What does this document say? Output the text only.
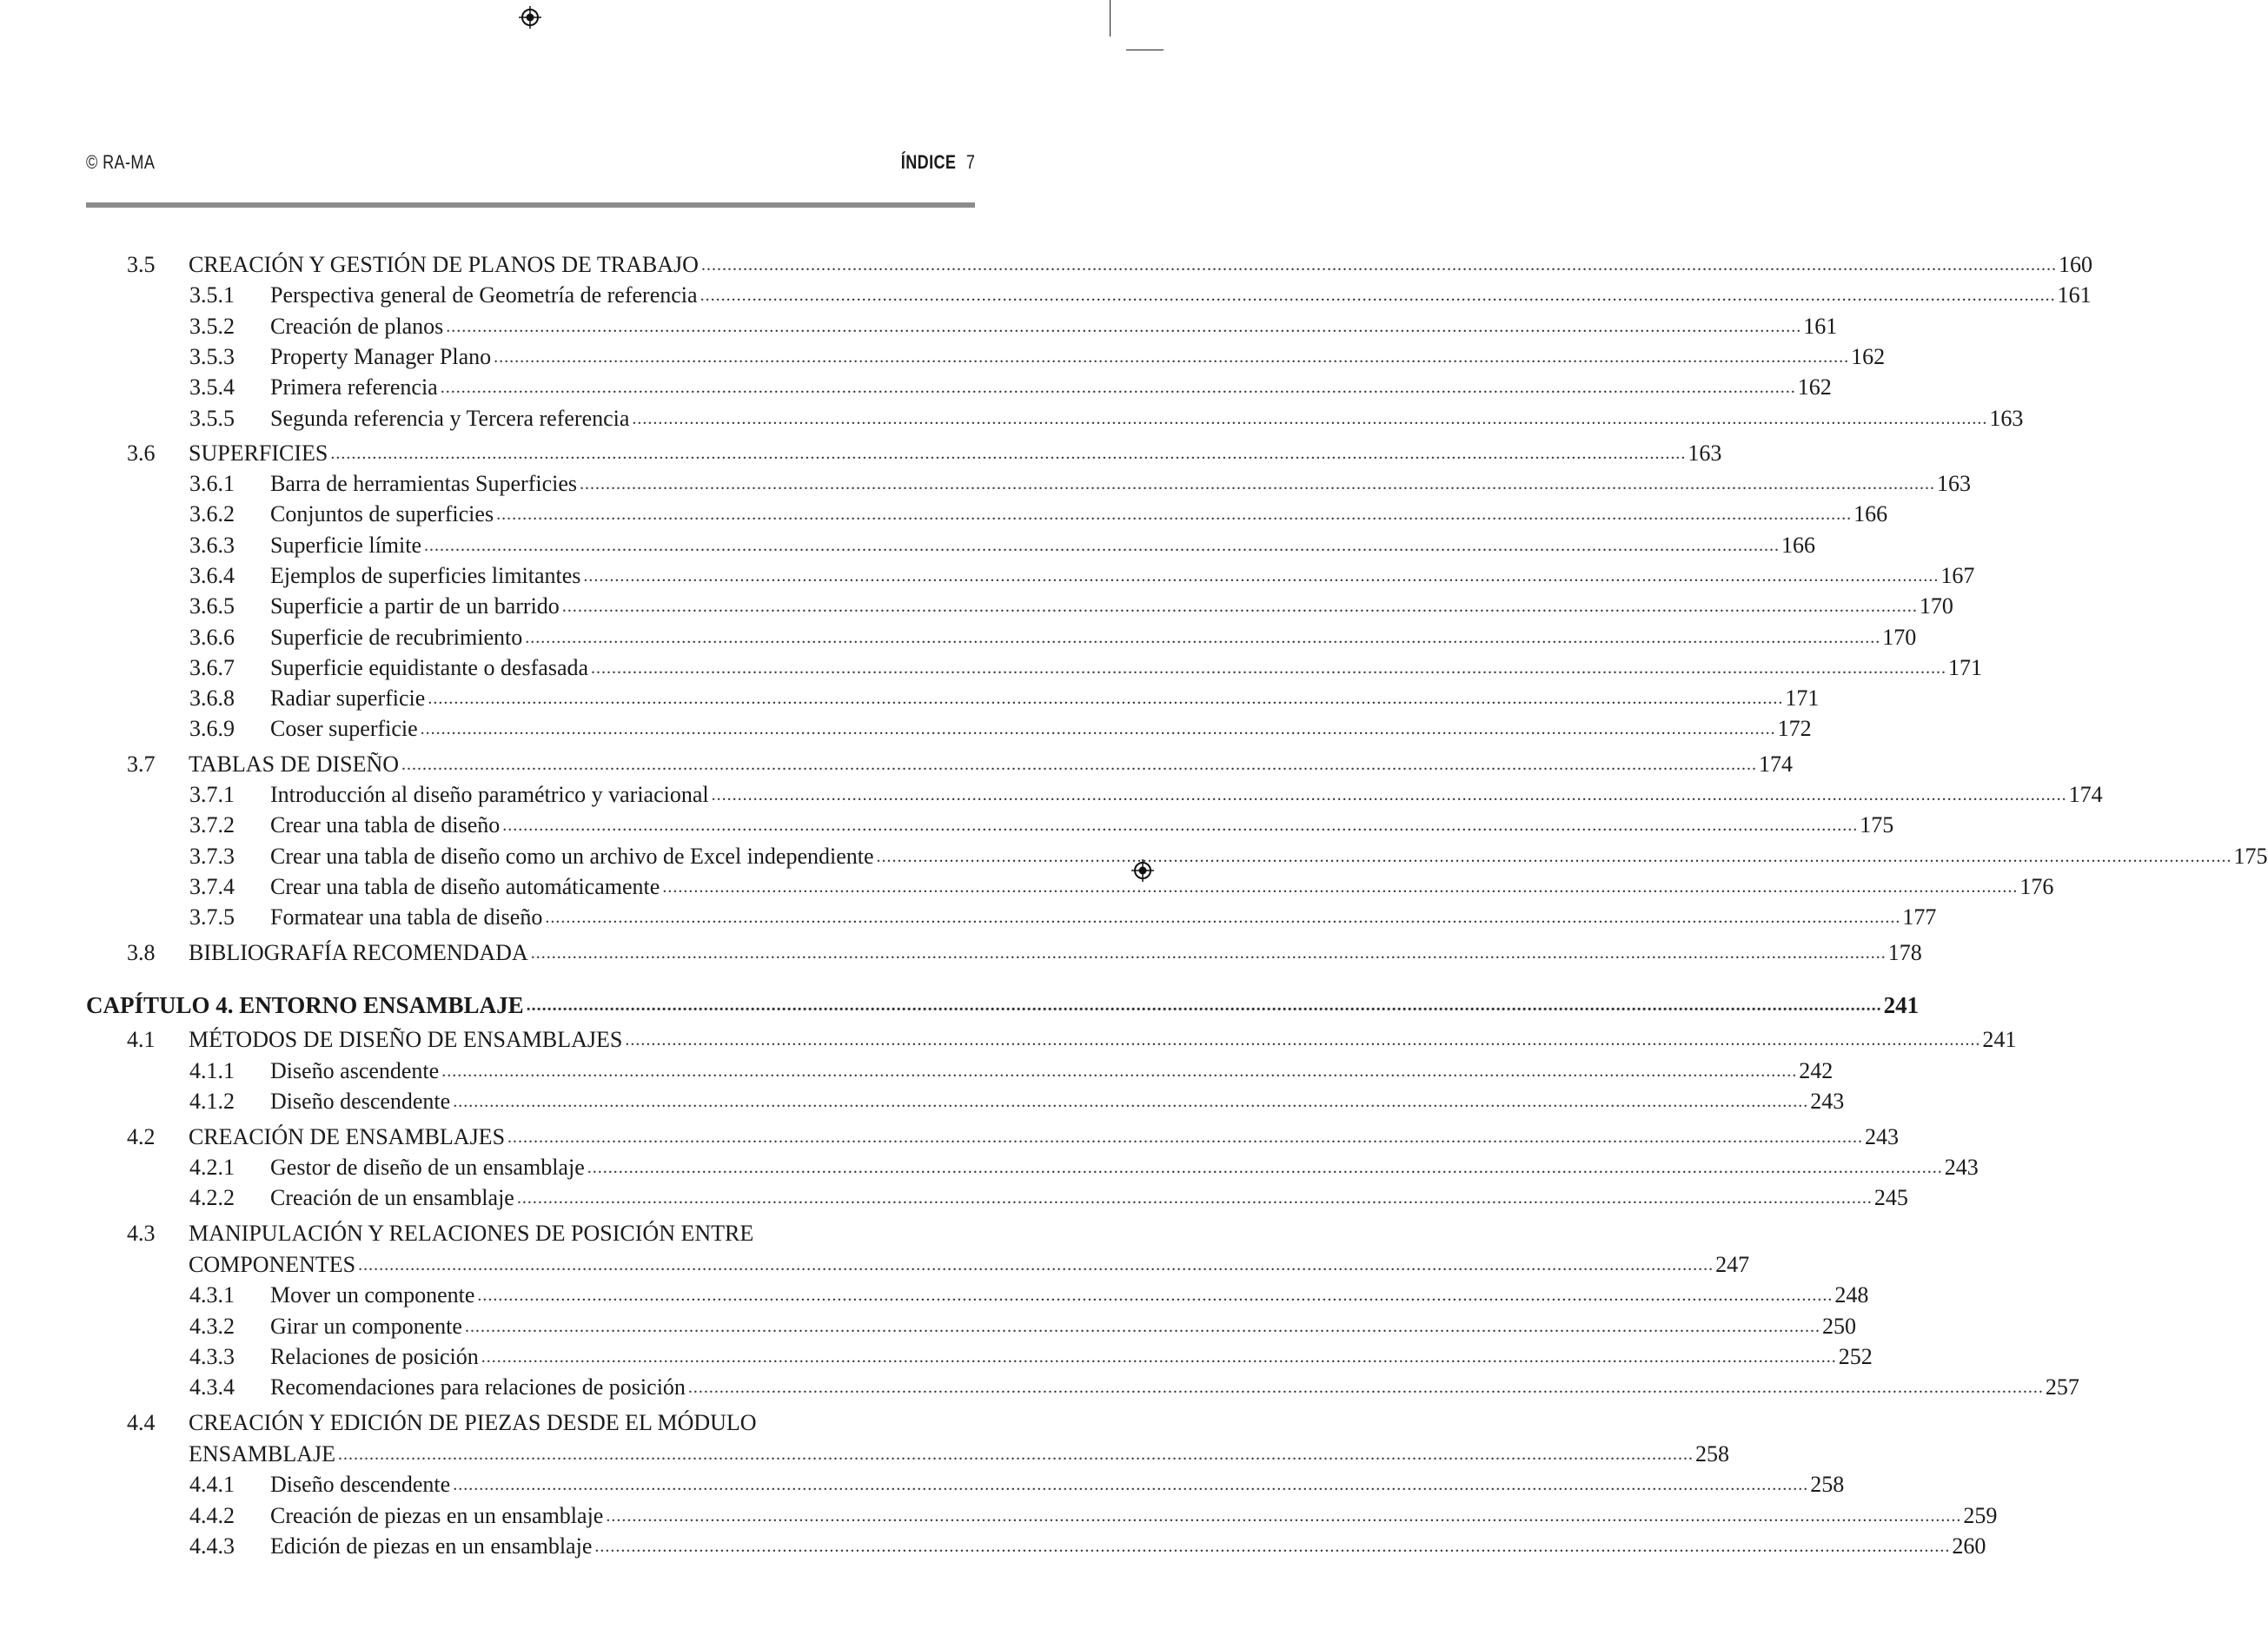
© RA-MA	ÍNDICE 7
3.5 CREACIÓN Y GESTIÓN DE PLANOS DE TRABAJO .................................................................................................................................................................................................................................................................... 160
3.5.1 Perspectiva general de Geometría de referencia .................................................................................................................................................................................................................................................................... 161
3.5.2 Creación de planos .................................................................................................................................................................................................................................................................... 161
3.5.3 Property Manager Plano .................................................................................................................................................................................................................................................................... 162
3.5.4 Primera referencia .................................................................................................................................................................................................................................................................... 162
3.5.5 Segunda referencia y Tercera referencia .................................................................................................................................................................................................................................................................... 163
3.6 SUPERFICIES .................................................................................................................................................................................................................................................................... 163
3.6.1 Barra de herramientas Superficies .................................................................................................................................................................................................................................................................... 163
3.6.2 Conjuntos de superficies .................................................................................................................................................................................................................................................................... 166
3.6.3 Superficie límite .................................................................................................................................................................................................................................................................... 166
3.6.4 Ejemplos de superficies limitantes .................................................................................................................................................................................................................................................................... 167
3.6.5 Superficie a partir de un barrido .................................................................................................................................................................................................................................................................... 170
3.6.6 Superficie de recubrimiento .................................................................................................................................................................................................................................................................... 170
3.6.7 Superficie equidistante o desfasada .................................................................................................................................................................................................................................................................... 171
3.6.8 Radiar superficie .................................................................................................................................................................................................................................................................... 171
3.6.9 Coser superficie .................................................................................................................................................................................................................................................................... 172
3.7 TABLAS DE DISEÑO .................................................................................................................................................................................................................................................................... 174
3.7.1 Introducción al diseño paramétrico y variacional .................................................................................................................................................................................................................................................................... 174
3.7.2 Crear una tabla de diseño .................................................................................................................................................................................................................................................................... 175
3.7.3 Crear una tabla de diseño como un archivo de Excel independiente .................................................................................................................................................................................................................................................................... 175
3.7.4 Crear una tabla de diseño automáticamente .................................................................................................................................................................................................................................................................... 176
3.7.5 Formatear una tabla de diseño .................................................................................................................................................................................................................................................................... 177
3.8 BIBLIOGRAFÍA RECOMENDADA .................................................................................................................................................................................................................................................................... 178
CAPÍTULO 4. ENTORNO ENSAMBLAJE .................................................................................................................................................................................................................................................................... 241
4.1 MÉTODOS DE DISEÑO DE ENSAMBLAJES .................................................................................................................................................................................................................................................................... 241
4.1.1 Diseño ascendente .................................................................................................................................................................................................................................................................... 242
4.1.2 Diseño descendente .................................................................................................................................................................................................................................................................... 243
4.2 CREACIÓN DE ENSAMBLAJES .................................................................................................................................................................................................................................................................... 243
4.2.1 Gestor de diseño de un ensamblaje .................................................................................................................................................................................................................................................................... 243
4.2.2 Creación de un ensamblaje .................................................................................................................................................................................................................................................................... 245
4.3 MANIPULACIÓN Y RELACIONES DE POSICIÓN ENTRE
COMPONENTES .................................................................................................................................................................................................................................................................... 247
4.3.1 Mover un componente .................................................................................................................................................................................................................................................................... 248
4.3.2 Girar un componente .................................................................................................................................................................................................................................................................... 250
4.3.3 Relaciones de posición .................................................................................................................................................................................................................................................................... 252
4.3.4 Recomendaciones para relaciones de posición .................................................................................................................................................................................................................................................................... 257
4.4 CREACIÓN Y EDICIÓN DE PIEZAS DESDE EL MÓDULO
ENSAMBLAJE .................................................................................................................................................................................................................................................................... 258
4.4.1 Diseño descendente .................................................................................................................................................................................................................................................................... 258
4.4.2 Creación de piezas en un ensamblaje .................................................................................................................................................................................................................................................................... 259
4.4.3 Edición de piezas en un ensamblaje .................................................................................................................................................................................................................................................................... 260
